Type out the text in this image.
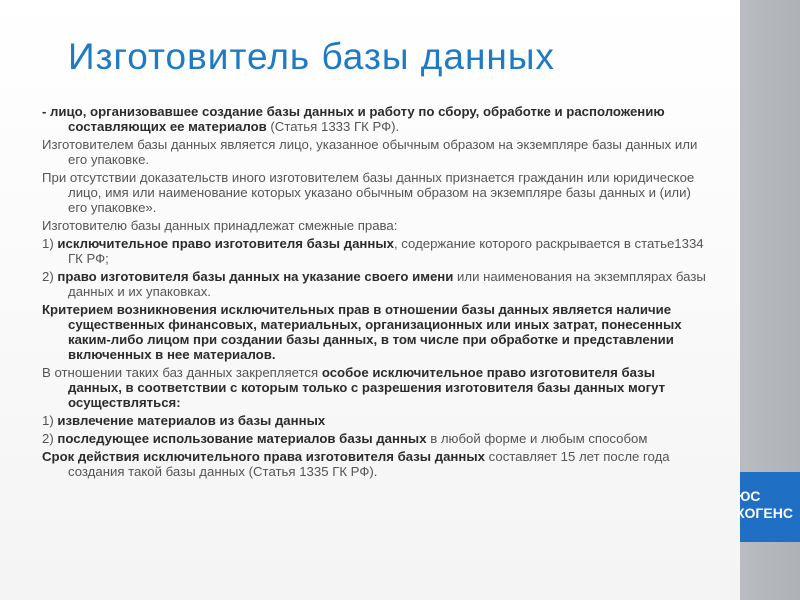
ЮС
КОГЕНС
Изготовитель базы данных

- лицо, организовавшее создание базы данных и работу по сбору, обработке и расположению составляющих ее материалов (Статья 1333 ГК РФ).

Изготовителем базы данных является лицо, указанное обычным образом на экземпляре базы данных или его упаковке.

При отсутствии доказательств иного изготовителем базы данных признается гражданин или юридическое лицо, имя или наименование которых указано обычным образом на экземпляре базы данных и (или) его упаковке».

Изготовителю базы данных принадлежат смежные права:

1) исключительное право изготовителя базы данных, содержание которого раскрывается в статье1334 ГК РФ;

2) право изготовителя базы данных на указание своего имени или наименования на экземплярах базы данных и их упаковках.

Критерием возникновения исключительных прав в отношении базы данных является наличие существенных финансовых, материальных, организационных или иных затрат, понесенных каким-либо лицом при создании базы данных, в том числе при обработке и представлении включенных в нее материалов.

В отношении таких баз данных закрепляется особое исключительное право изготовителя базы данных, в соответствии с которым только с разрешения изготовителя базы данных могут осуществляться:

1) извлечение материалов из базы данных

2) последующее использование материалов базы данных в любой форме и любым способом

Срок действия исключительного права изготовителя базы данных составляет 15 лет после года создания такой базы данных (Статья 1335 ГК РФ).
